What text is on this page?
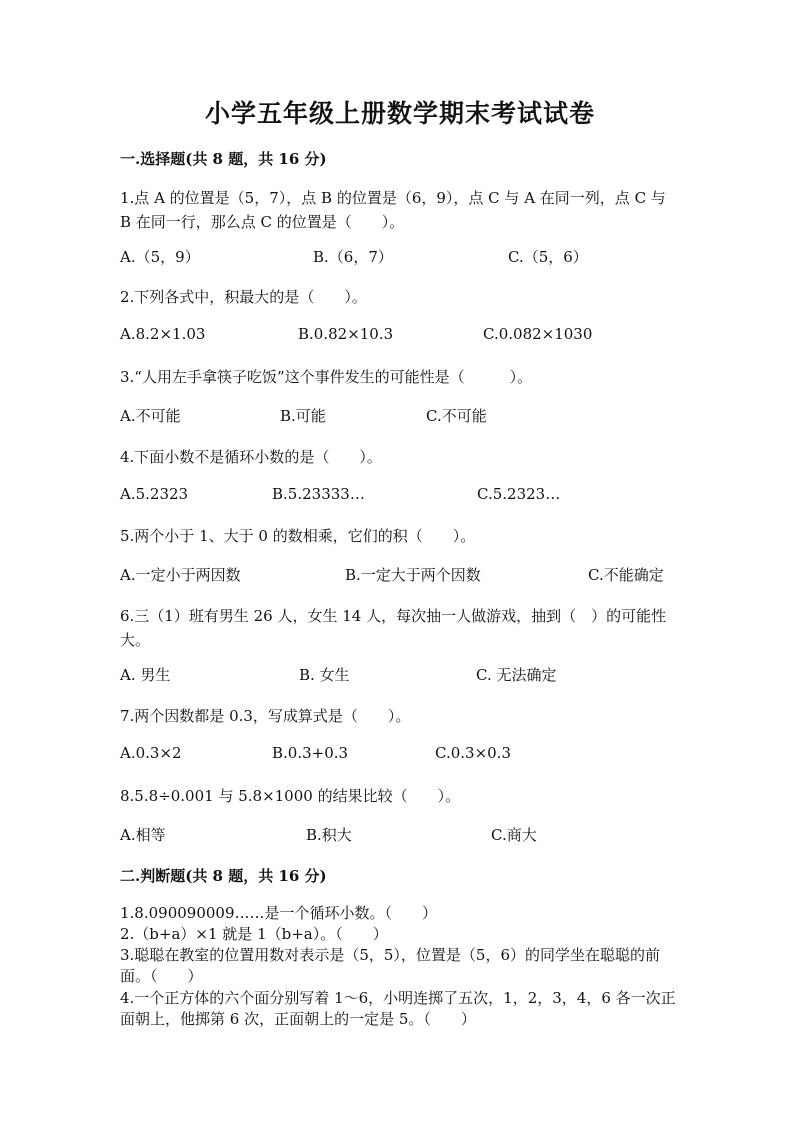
小学五年级上册数学期末考试试卷
一.选择题(共 8 题，共 16 分)
1.点 A 的位置是（5，7），点 B 的位置是（6，9），点 C 与 A 在同一列，点 C 与 B 在同一行，那么点 C 的位置是（　　）。
A.（5，9）	B.（6，7）	C.（5，6）
2.下列各式中，积最大的是（　　）。
A.8.2×1.03	B.0.82×10.3	C.0.082×1030
3.“人用左手拿筷子吃饭”这个事件发生的可能性是（　　　）。
A.不可能	B.可能	C.不可能
4.下面小数不是循环小数的是（　　）。
A.5.2323	B.5.23333…	C.5.2323…
5.两个小于 1、大于 0 的数相乘，它们的积（　　）。
A.一定小于两因数	B.一定大于两个因数	C.不能确定
6.三（1）班有男生 26 人，女生 14 人，每次抽一人做游戏，抽到（　）的可能性大。
A. 男生	B. 女生	C. 无法确定
7.两个因数都是 0.3，写成算式是（　　）。
A.0.3×2	B.0.3+0.3	C.0.3×0.3
8.5.8÷0.001 与 5.8×1000 的结果比较（　　）。
A.相等	B.积大	C.商大
二.判断题(共 8 题，共 16 分)
1.8.090090009……是一个循环小数。（　　）
2.（b+a）×1 就是 1（b+a）。（　　）
3.聪聪在教室的位置用数对表示是（5，5），位置是（5，6）的同学坐在聪聪的前面。（　　）
4.一个正方体的六个面分别写着 1～6，小明连掷了五次，1，2，3，4，6 各一次正面朝上，他掷第 6 次，正面朝上的一定是 5。（　　）
